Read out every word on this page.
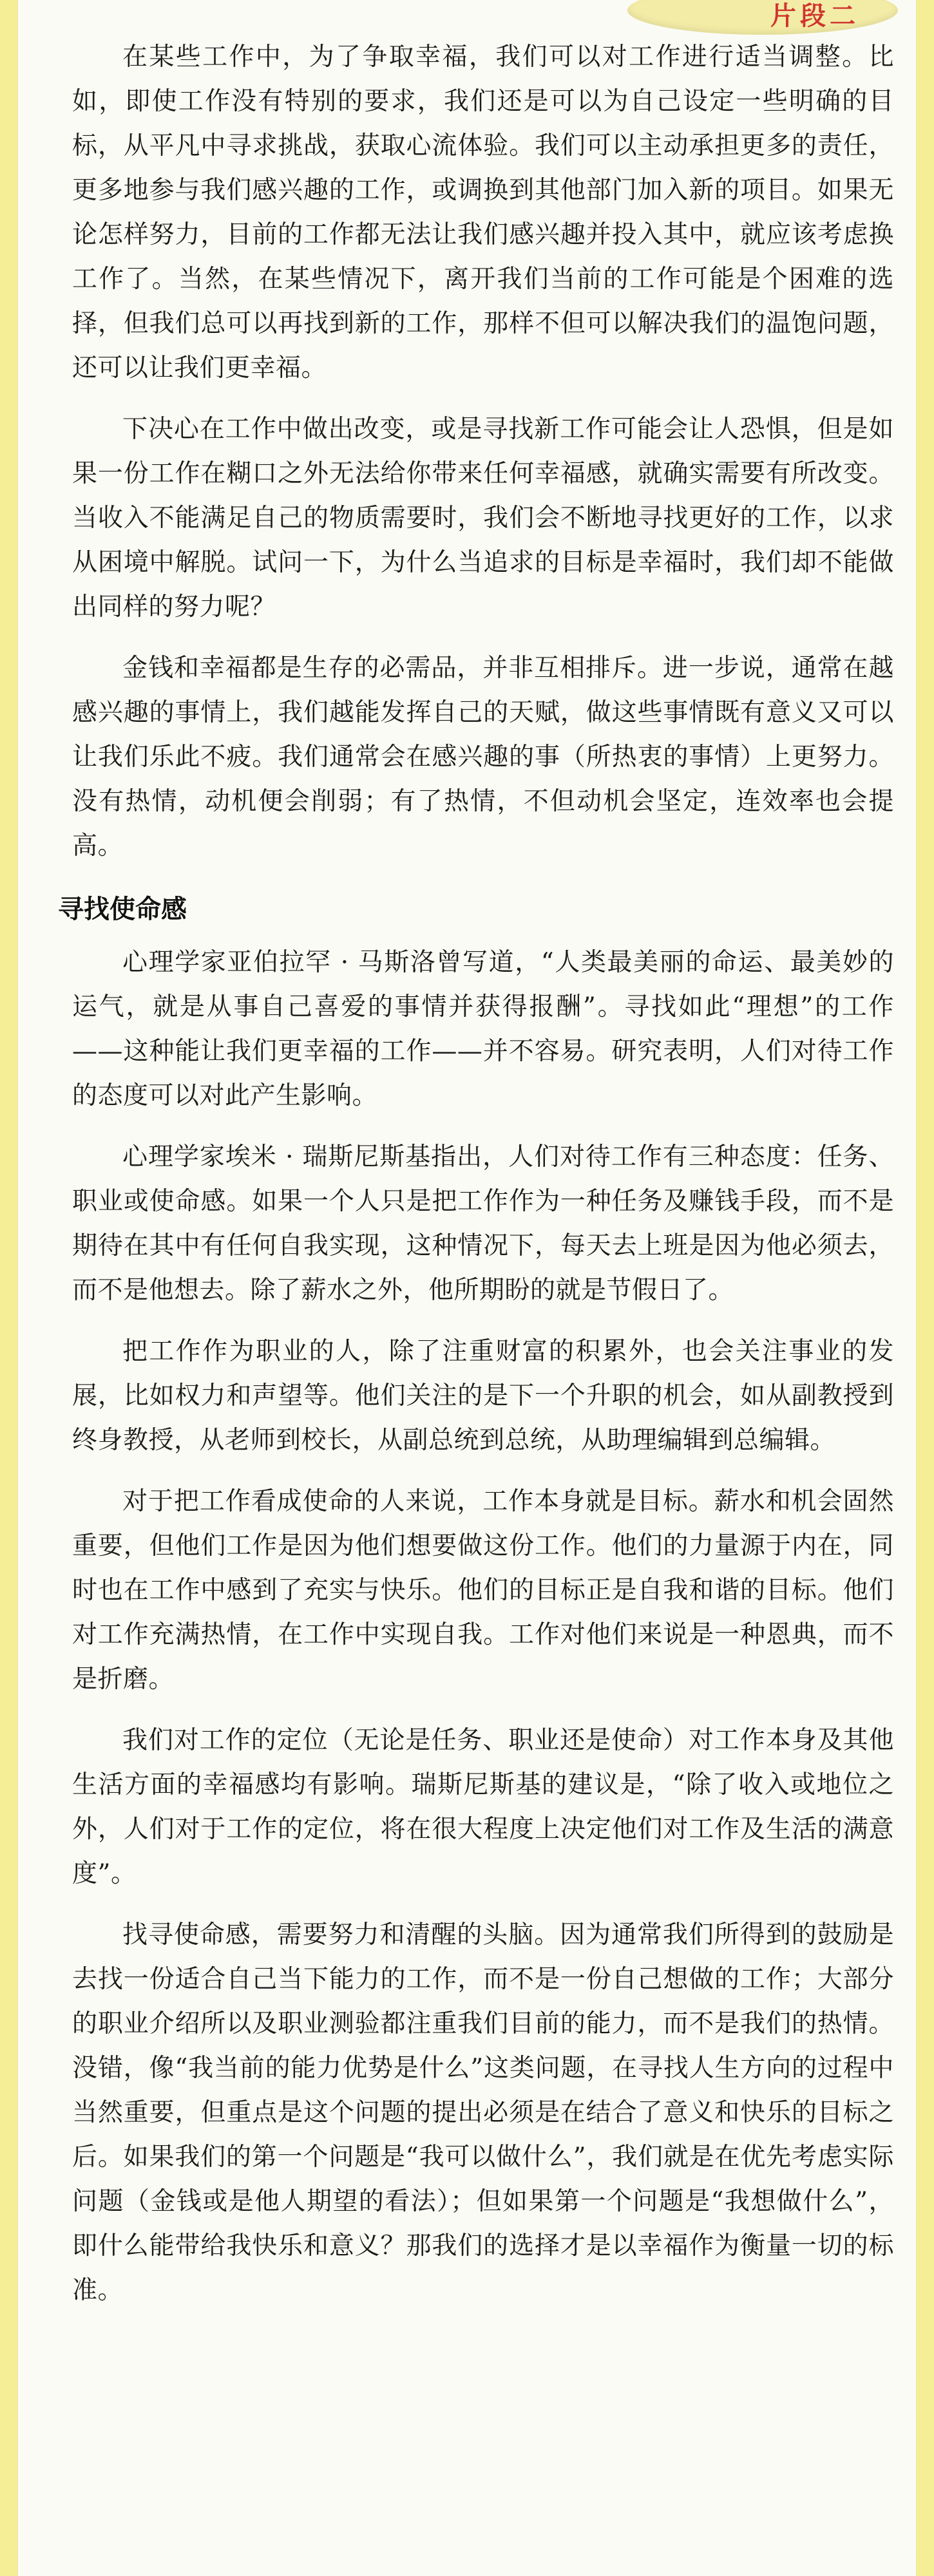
片段二

在某些工作中，为了争取幸福，我们可以对工作进行适当调整。比如，即使工作没有特别的要求，我们还是可以为自己设定一些明确的目标，从平凡中寻求挑战，获取心流体验。我们可以主动承担更多的责任，更多地参与我们感兴趣的工作，或调换到其他部门加入新的项目。如果无论怎样努力，目前的工作都无法让我们感兴趣并投入其中，就应该考虑换工作了。当然，在某些情况下，离开我们当前的工作可能是个困难的选择，但我们总可以再找到新的工作，那样不但可以解决我们的温饱问题，还可以让我们更幸福。

下决心在工作中做出改变，或是寻找新工作可能会让人恐惧，但是如果一份工作在糊口之外无法给你带来任何幸福感，就确实需要有所改变。当收入不能满足自己的物质需要时，我们会不断地寻找更好的工作，以求从困境中解脱。试问一下，为什么当追求的目标是幸福时，我们却不能做出同样的努力呢？

金钱和幸福都是生存的必需品，并非互相排斥。进一步说，通常在越感兴趣的事情上，我们越能发挥自己的天赋，做这些事情既有意义又可以让我们乐此不疲。我们通常会在感兴趣的事（所热衷的事情）上更努力。没有热情，动机便会削弱；有了热情，不但动机会坚定，连效率也会提高。

寻找使命感

心理学家亚伯拉罕 · 马斯洛曾写道，“人类最美丽的命运、最美妙的运气，就是从事自己喜爱的事情并获得报酬”。寻找如此“理想”的工作——这种能让我们更幸福的工作——并不容易。研究表明，人们对待工作的态度可以对此产生影响。

心理学家埃米 · 瑞斯尼斯基指出，人们对待工作有三种态度：任务、职业或使命感。如果一个人只是把工作作为一种任务及赚钱手段，而不是期待在其中有任何自我实现，这种情况下，每天去上班是因为他必须去，而不是他想去。除了薪水之外，他所期盼的就是节假日了。

把工作作为职业的人，除了注重财富的积累外，也会关注事业的发展，比如权力和声望等。他们关注的是下一个升职的机会，如从副教授到终身教授，从老师到校长，从副总统到总统，从助理编辑到总编辑。

对于把工作看成使命的人来说，工作本身就是目标。薪水和机会固然重要，但他们工作是因为他们想要做这份工作。他们的力量源于内在，同时也在工作中感到了充实与快乐。他们的目标正是自我和谐的目标。他们对工作充满热情，在工作中实现自我。工作对他们来说是一种恩典，而不是折磨。

我们对工作的定位（无论是任务、职业还是使命）对工作本身及其他生活方面的幸福感均有影响。瑞斯尼斯基的建议是，“除了收入或地位之外，人们对于工作的定位，将在很大程度上决定他们对工作及生活的满意度”。

找寻使命感，需要努力和清醒的头脑。因为通常我们所得到的鼓励是去找一份适合自己当下能力的工作，而不是一份自己想做的工作；大部分的职业介绍所以及职业测验都注重我们目前的能力，而不是我们的热情。没错，像“我当前的能力优势是什么”这类问题，在寻找人生方向的过程中当然重要，但重点是这个问题的提出必须是在结合了意义和快乐的目标之后。如果我们的第一个问题是“我可以做什么”，我们就是在优先考虑实际问题（金钱或是他人期望的看法）；但如果第一个问题是“我想做什么”，即什么能带给我快乐和意义？那我们的选择才是以幸福作为衡量一切的标准。
